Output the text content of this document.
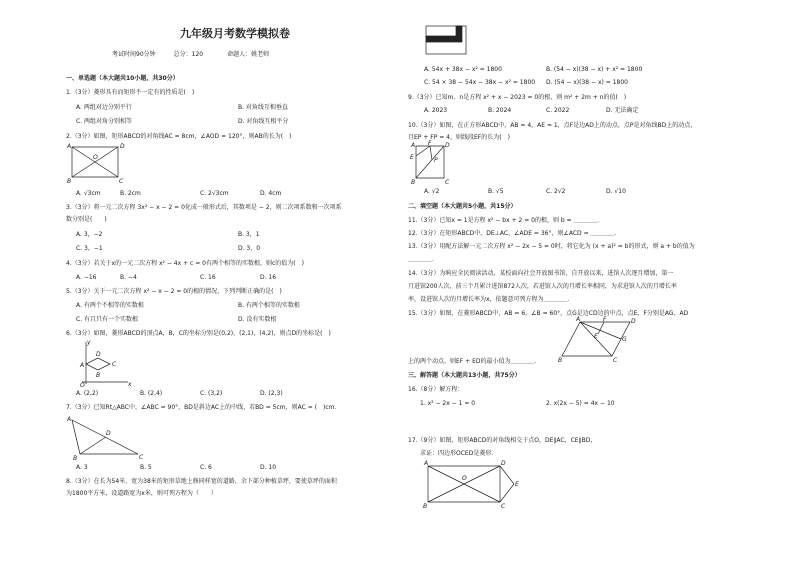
九年级月考数学模拟卷
考试时间90分钟　　　总分：120　　　　命题人：姚老师
一、单选题（本大题共10小题，共30分）
1.（3分）菱形具有而矩形不一定有的性质是(　)
A. 两组对边分别平行	B. 对角线互相垂直
C. 两组对角分别相等	D. 对角线互相平分
2.（3分）如图，矩形ABCD的对角线AC = 8cm，∠AOD = 120°，则AB的长为(　)
A	D
B	C
O
A. √3cm	B. 2cm	C. 2√3cm	D. 4cm
3.（3分）将一元二次方程 3x² − x − 2 = 0化成一般形式后，其数项是 − 2，则二次项系数和一次项系
数分别是(　　)
A. 3，−2	B. 3，1
C. 3，−1	D. 3，0
4.（3分）若关于x的一元二次方程 x² − 4x + c = 0有两个相等的实数根，则c的值为(　)
A. −16	B. −4	C. 16	D. 16
5.（3分）关于一元二次方程 x² − x − 2 = 0的根的情况，下列判断正确的是(　)
A. 有两个不相等的实数根	B. 有两个相等的实数根
C. 有且只有一个实数根	D. 没有实数根
6.（3分）如图，菱形ABCD的顶点A，B，C的坐标分别是(0,2)，(2,1)，(4,2)，则点D的坐标是(　)
x
y
A
B
C
D
O
A. (2,2)	B. (2,4)	C. (3,2)	D. (2,3)
7.（3分）已知Rt△ABC中，∠ABC = 90°，BD是斜边AC上的中线，若BD = 5cm，则AC = (　)cm.
A
B	C
D
A. 3	B. 5	C. 6	D. 10
8.（3分）在长为54米、宽为38米的矩形草地上修同样宽的道路，余下部分种植草坪，要使草坪的面积
为1800平方米，设道路宽为x米，则可列方程为（　　）
A. 54x + 38x − x² = 1800	B. (54 − x)(38 − x) + x² = 1800
C. 54 × 38 − 54x − 38x − x² = 1800 D. (54 − x)(38 − x) = 1800
9.（3分）已知m、n是方程 x² + x − 2023 = 0的根，则 m² + 2m + n的值(　)
A. 2023	B. 2024	C. 2022	D. 无法确定
10.（3分）如图，在正方形ABCD中，AB = 4，AE = 1，点F是边AD上的动点，点P是对角线BD上的动点，
且EP + FP = 4，则线段EF的长为(　)
A	D
B	C
E
F
P
A. √2	B. √5	C. 2√2	D. √10
二、填空题（本大题共5小题，共15分）
11.（3分）已知x = 1是方程 x² − bx + 2 = 0的根，则 b = ＿＿＿＿．
12.（3分）在矩形ABCD中，DE⊥AC，∠ADE = 36°，则∠ACD = ＿＿＿＿．
13.（3分）用配方法解一元二次方程 x² − 2x − 5 = 0时，将它化为 (x + a)² = b的形式，则 a + b的值为
＿＿＿＿．
14.（3分）为响应全民阅读活动，某校面向社会开放图书馆，自开放以来，进馆人次逐月增加，第一
月进馆200人次，前三个月累计进馆872人次，若进馆人次的月增长率相同，为求进馆人次的月增长率
率，设进馆人次的月增长率为x，依题意可列方程为＿＿＿＿．
15.（3分）如图，在菱形ABCD中，AB = 6，∠B = 60°，点G是边CD边的中点，点E、F分别是AG、AD
A	D
B	C
G
E
F
上的两个动点，则EF + ED的最小值为＿＿＿＿．
三、解答题（本大题共13小题，共75分）
16.（8分）解方程：
1. x² − 2x − 1 = 0	2. x(2x − 5) = 4x − 10
17.（9分）如图，矩形ABCD的对角线相交于点O，DE∥AC，CE∥BD，
求证：四边形OCED是菱形.
A	D
B	C
E
O
